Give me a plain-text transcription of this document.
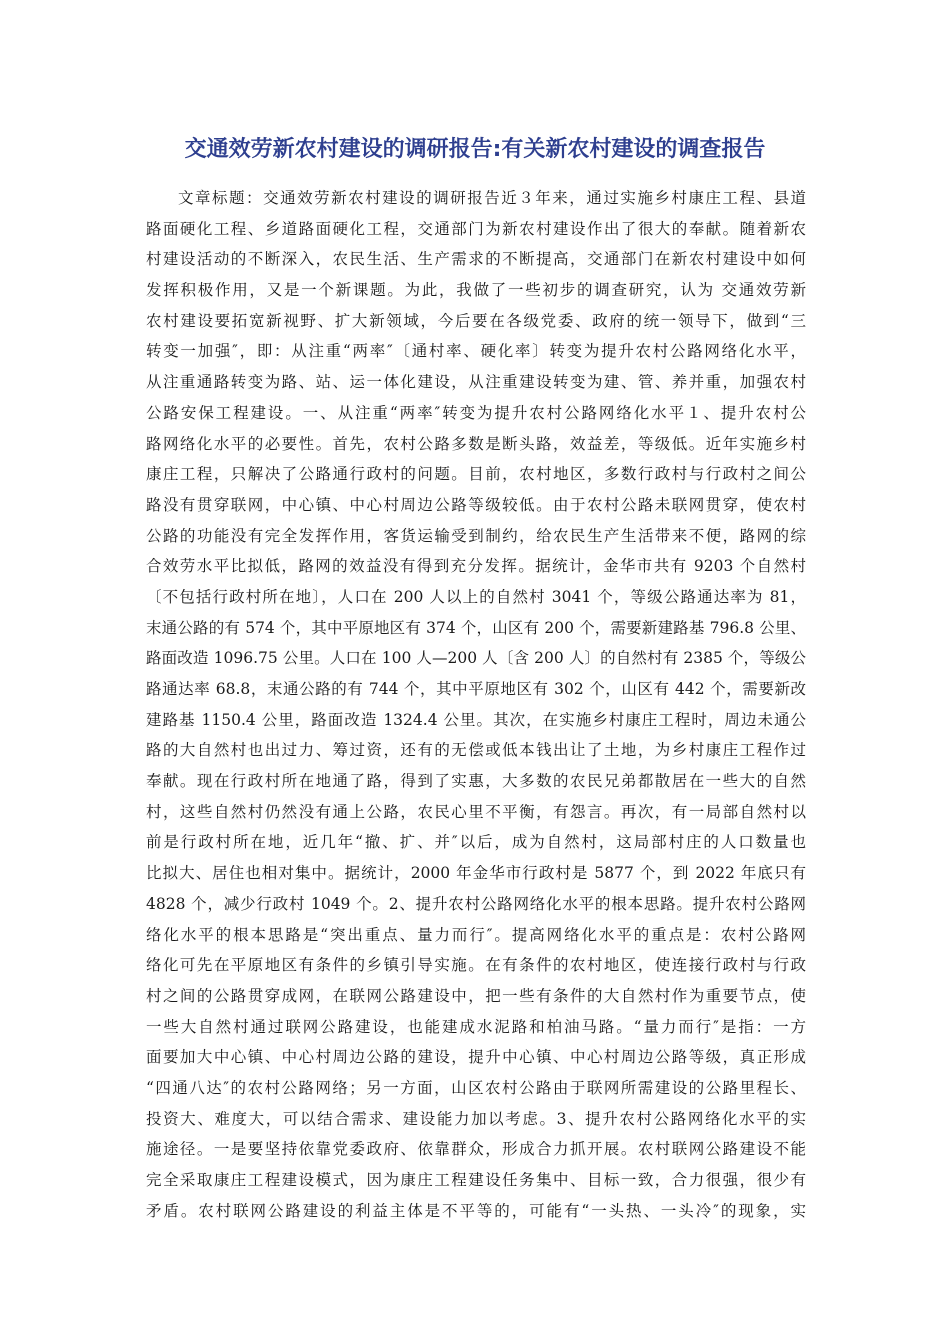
交通效劳新农村建设的调研报告:有关新农村建设的调查报告
文章标题：交通效劳新农村建设的调研报告近３年来，通过实施乡村康庄工程、县道
路面硬化工程、乡道路面硬化工程，交通部门为新农村建设作出了很大的奉献。随着新农
村建设活动的不断深入，农民生活、生产需求的不断提高，交通部门在新农村建设中如何
发挥积极作用，又是一个新课题。为此，我做了一些初步的调查研究，认为 交通效劳新
农村建设要拓宽新视野、扩大新领域，今后要在各级党委、政府的统一领导下，做到“三
转变一加强″，即：从注重“两率″〔通村率、硬化率〕转变为提升农村公路网络化水平，
从注重通路转变为路、站、运一体化建设，从注重建设转变为建、管、养并重，加强农村
公路安保工程建设。一、从注重“两率″转变为提升农村公路网络化水平１、提升农村公
路网络化水平的必要性。首先，农村公路多数是断头路，效益差，等级低。近年实施乡村
康庄工程，只解决了公路通行政村的问题。目前，农村地区，多数行政村与行政村之间公
路没有贯穿联网，中心镇、中心村周边公路等级较低。由于农村公路未联网贯穿，使农村
公路的功能没有完全发挥作用，客货运输受到制约，给农民生产生活带来不便，路网的综
合效劳水平比拟低，路网的效益没有得到充分发挥。据统计，金华市共有 9203 个自然村
〔不包括行政村所在地〕，人口在 200 人以上的自然村 3041 个，等级公路通达率为 81，
末通公路的有 574 个，其中平原地区有 374 个，山区有 200 个，需要新建路基 796.8 公里、
路面改造 1096.75 公里。人口在 100 人—200 人〔含 200 人〕的自然村有 2385 个，等级公
路通达率 68.8，末通公路的有 744 个，其中平原地区有 302 个，山区有 442 个，需要新改
建路基 1150.4 公里，路面改造 1324.4 公里。其次，在实施乡村康庄工程时，周边未通公
路的大自然村也出过力、筹过资，还有的无偿或低本钱出让了土地，为乡村康庄工程作过
奉献。现在行政村所在地通了路，得到了实惠，大多数的农民兄弟都散居在一些大的自然
村，这些自然村仍然没有通上公路，农民心里不平衡，有怨言。再次，有一局部自然村以
前是行政村所在地，近几年“撤、扩、并″以后，成为自然村，这局部村庄的人口数量也
比拟大、居住也相对集中。据统计，2000 年金华市行政村是 5877 个，到 2022 年底只有
4828 个，减少行政村 1049 个。2、提升农村公路网络化水平的根本思路。提升农村公路网
络化水平的根本思路是“突出重点、量力而行″。提高网络化水平的重点是：农村公路网
络化可先在平原地区有条件的乡镇引导实施。在有条件的农村地区，使连接行政村与行政
村之间的公路贯穿成网，在联网公路建设中，把一些有条件的大自然村作为重要节点，使
一些大自然村通过联网公路建设，也能建成水泥路和柏油马路。“量力而行″是指：一方
面要加大中心镇、中心村周边公路的建设，提升中心镇、中心村周边公路等级，真正形成
“四通八达″的农村公路网络；另一方面，山区农村公路由于联网所需建设的公路里程长、
投资大、难度大，可以结合需求、建设能力加以考虑。3、提升农村公路网络化水平的实
施途径。一是要坚持依靠党委政府、依靠群众，形成合力抓开展。农村联网公路建设不能
完全采取康庄工程建设模式，因为康庄工程建设任务集中、目标一致，合力很强，很少有
矛盾。农村联网公路建设的利益主体是不平等的，可能有“一头热、一头冷″的现象，实
